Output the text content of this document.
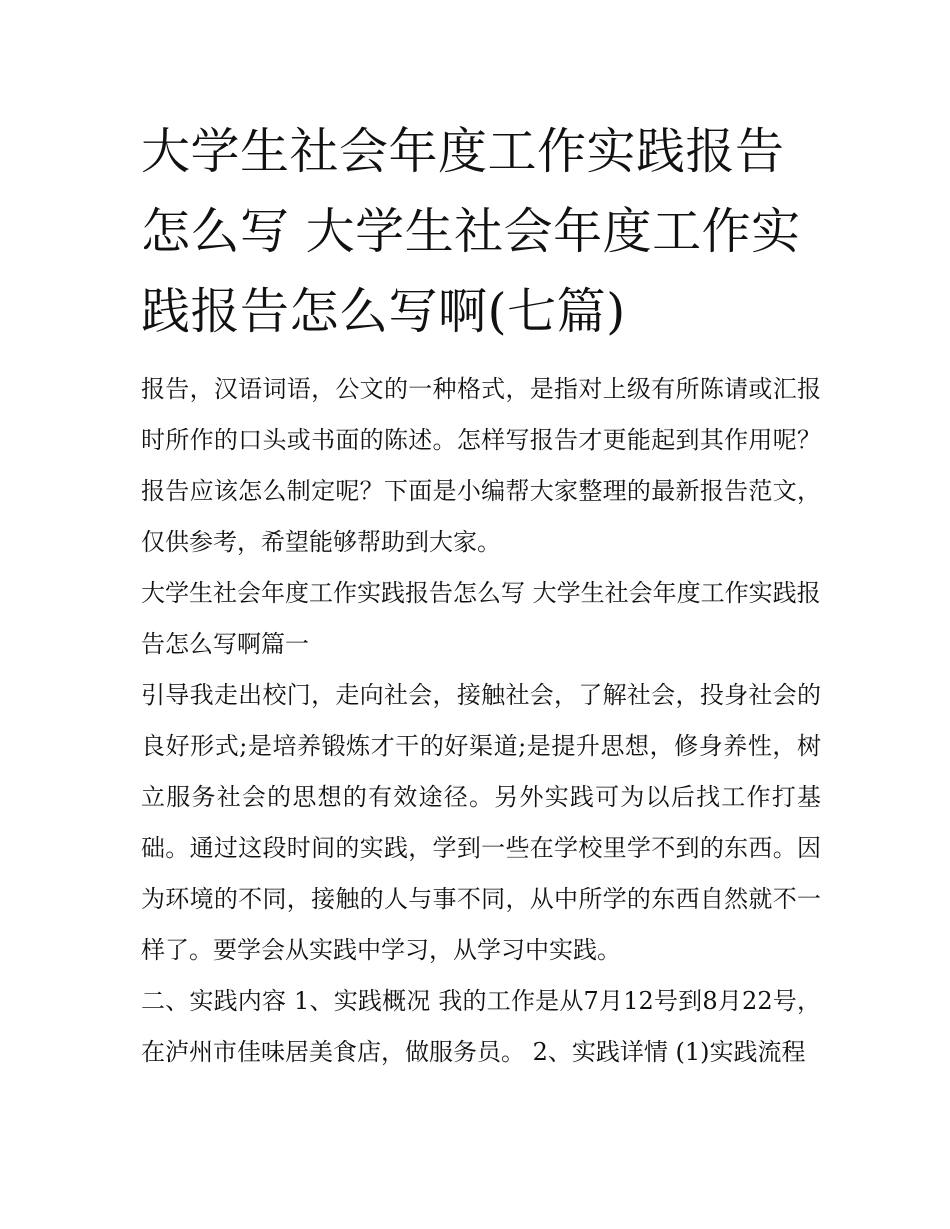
大学生社会年度工作实践报告怎么写 大学生社会年度工作实践报告怎么写啊(七篇)

报告，汉语词语，公文的一种格式，是指对上级有所陈请或汇报时所作的口头或书面的陈述。怎样写报告才更能起到其作用呢？报告应该怎么制定呢？下面是小编帮大家整理的最新报告范文，仅供参考，希望能够帮助到大家。

大学生社会年度工作实践报告怎么写 大学生社会年度工作实践报告怎么写啊篇一

引导我走出校门，走向社会，接触社会，了解社会，投身社会的良好形式;是培养锻炼才干的好渠道;是提升思想，修身养性，树立服务社会的思想的有效途径。另外实践可为以后找工作打基础。通过这段时间的实践，学到一些在学校里学不到的东西。因为环境的不同，接触的人与事不同，从中所学的东西自然就不一样了。要学会从实践中学习，从学习中实践。

二、实践内容 1、实践概况 我的工作是从7月12号到8月22号，在泸州市佳味居美食店，做服务员。 2、实践详情 (1)实践流程
